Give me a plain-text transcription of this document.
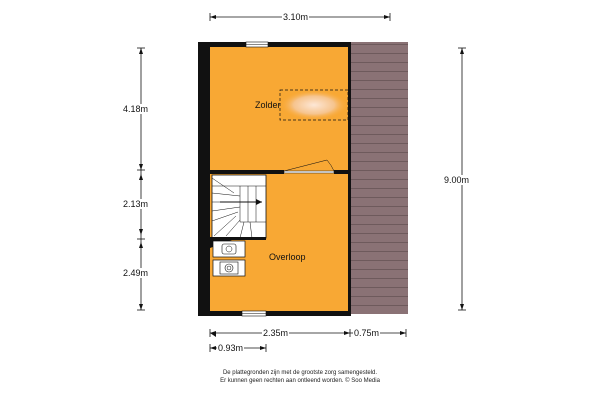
Zolder
Overloop
3.10m
4.18m
2.13m
2.49m
9.00m
2.35m	0.75m
0.93m
De plattegronden zijn met de grootste zorg samengesteld.
Er kunnen geen rechten aan ontleend worden. © Soo Media
